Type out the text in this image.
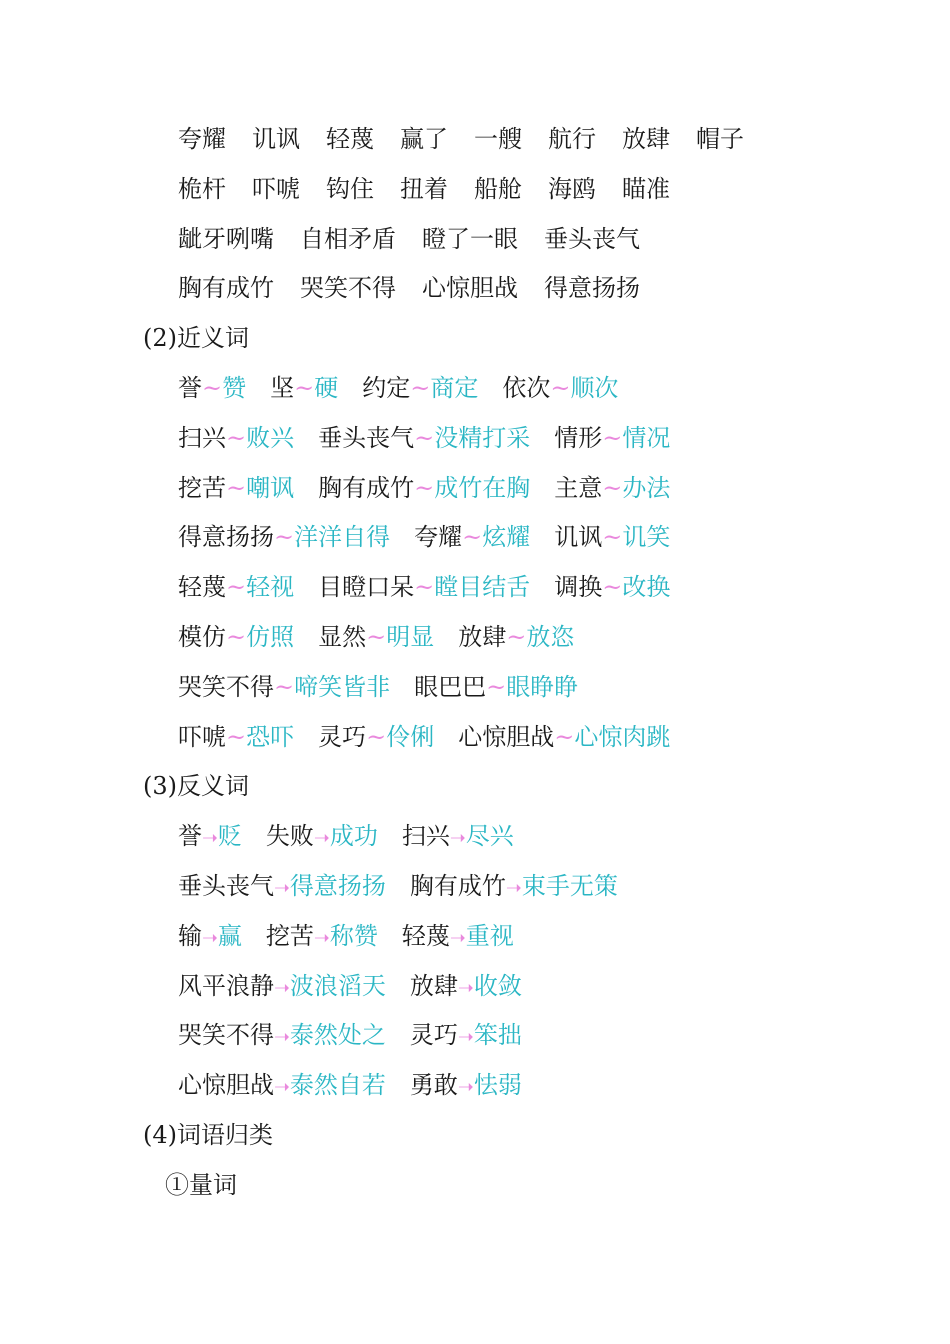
夸耀 讥讽 轻蔑 赢了 一艘 航行 放肆 帽子
桅杆 吓唬 钩住 扭着 船舱 海鸥 瞄准
龇牙咧嘴 自相矛盾 瞪了一眼 垂头丧气
胸有成竹 哭笑不得 心惊胆战 得意扬扬
(2)近义词
誉~赞 坚~硬 约定~商定 依次~顺次
扫兴~败兴 垂头丧气~没精打采 情形~情况
挖苦~嘲讽 胸有成竹~成竹在胸 主意~办法
得意扬扬~洋洋自得 夸耀~炫耀 讥讽~讥笑
轻蔑~轻视 目瞪口呆~瞠目结舌 调换~改换
模仿~仿照 显然~明显 放肆~放恣
哭笑不得~啼笑皆非 眼巴巴~眼睁睁
吓唬~恐吓 灵巧~伶俐 心惊胆战~心惊肉跳
(3)反义词
誉➝贬 失败➝成功 扫兴➝尽兴
垂头丧气➝得意扬扬 胸有成竹➝束手无策
输➝赢 挖苦➝称赞 轻蔑➝重视
风平浪静➝波浪滔天 放肆➝收敛
哭笑不得➝泰然处之 灵巧➝笨拙
心惊胆战➝泰然自若 勇敢➝怯弱
(4)词语归类
①量词
